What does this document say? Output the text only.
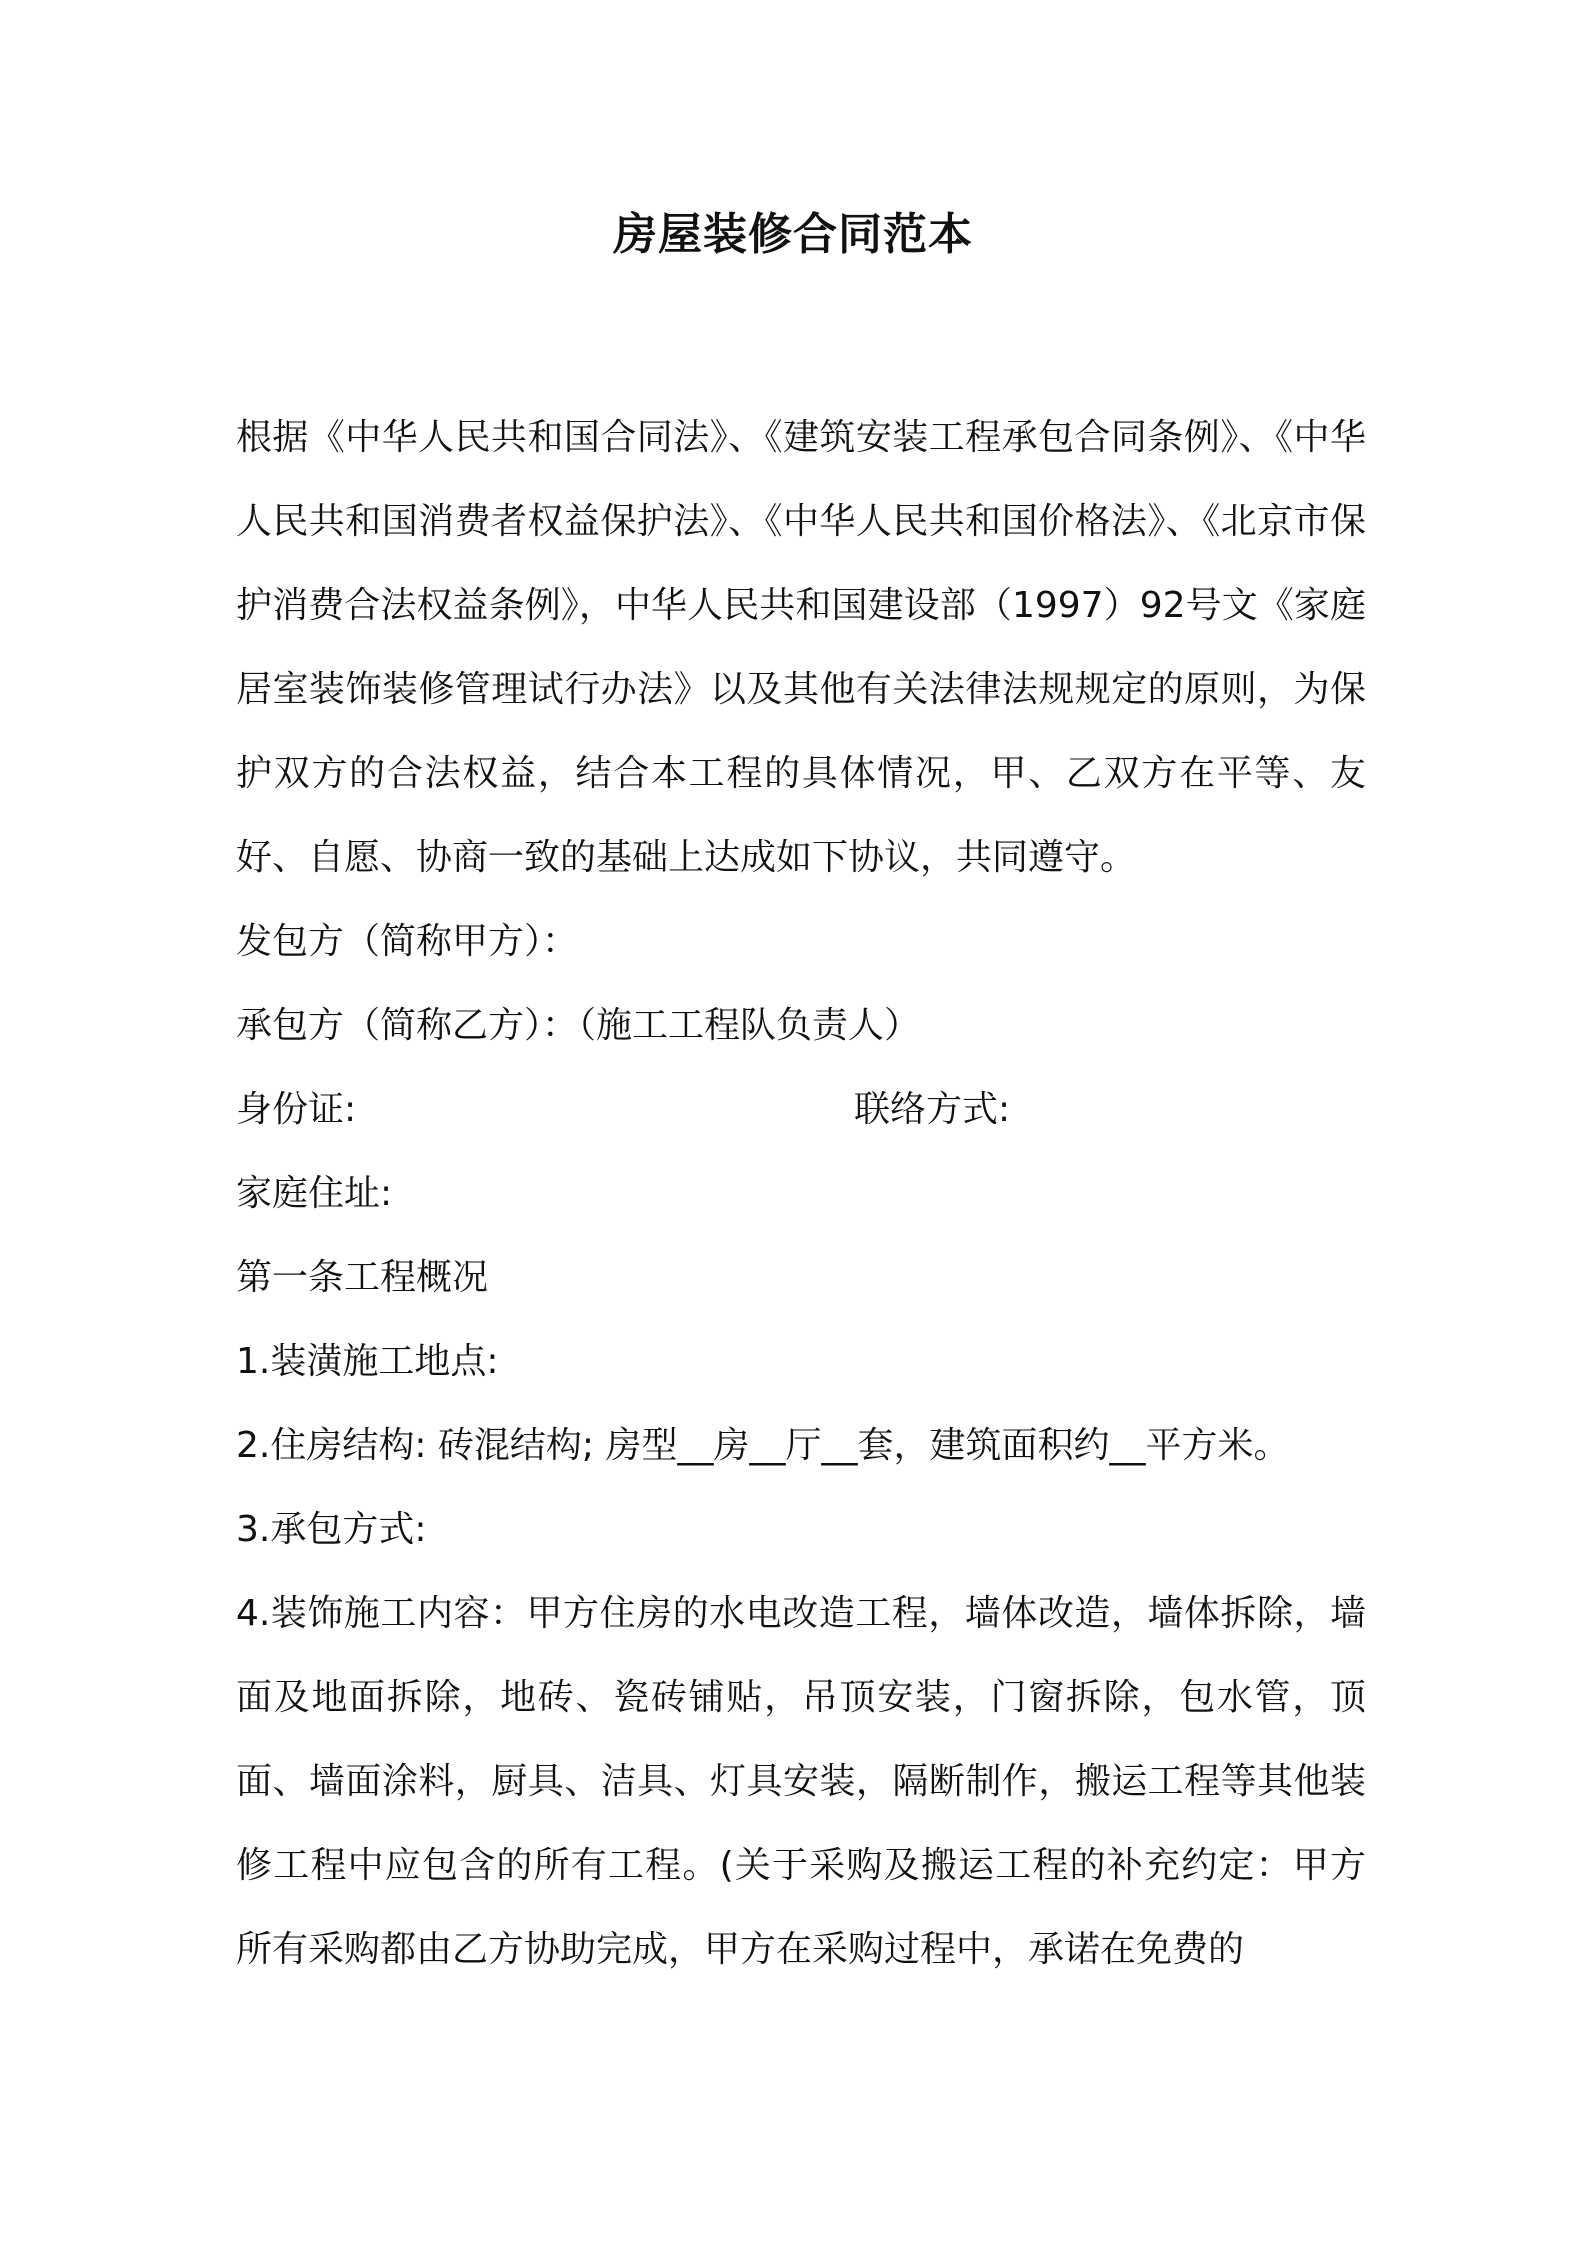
房屋装修合同范本

根据《中华人民共和国合同法》、《建筑安装工程承包合同条例》、《中华人民共和国消费者权益保护法》、《中华人民共和国价格法》、《北京市保护消费合法权益条例》，中华人民共和国建设部（1997）92号文《家庭居室装饰装修管理试行办法》以及其他有关法律法规规定的原则，为保护双方的合法权益，结合本工程的具体情况，甲、乙双方在平等、友好、自愿、协商一致的基础上达成如下协议，共同遵守。

发包方（简称甲方）：

承包方（简称乙方）：（施工工程队负责人）

身份证:	联络方式:

家庭住址:

第一条工程概况

1.装潢施工地点:

2.住房结构: 砖混结构; 房型__房__厅__套，建筑面积约__平方米。

3.承包方式:

4.装饰施工内容：甲方住房的水电改造工程，墙体改造，墙体拆除，墙面及地面拆除，地砖、瓷砖铺贴，吊顶安装，门窗拆除，包水管，顶面、墙面涂料，厨具、洁具、灯具安装，隔断制作，搬运工程等其他装修工程中应包含的所有工程。(关于采购及搬运工程的补充约定：甲方所有采购都由乙方协助完成，甲方在采购过程中，承诺在免费的
